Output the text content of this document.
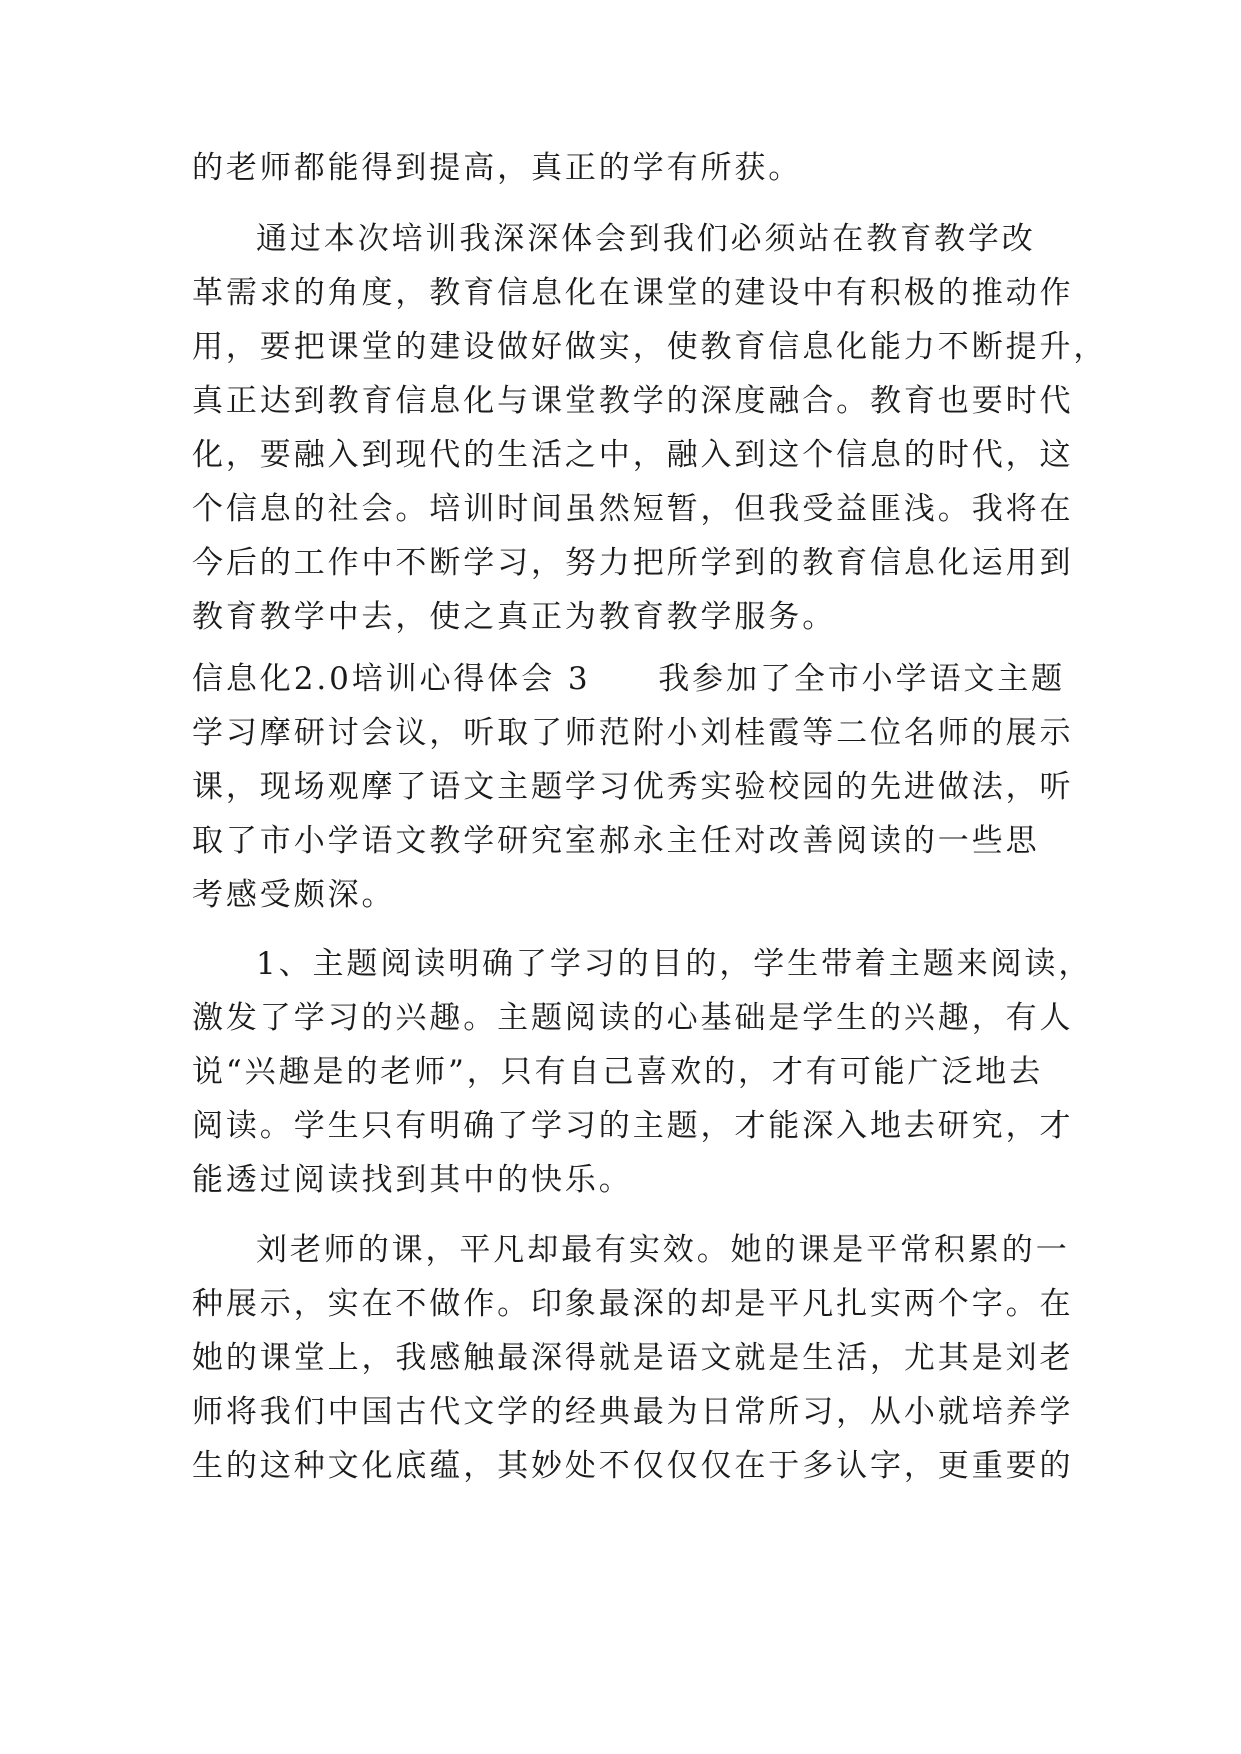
的老师都能得到提高，真正的学有所获。
通过本次培训我深深体会到我们必须站在教育教学改
革需求的角度，教育信息化在课堂的建设中有积极的推动作
用，要把课堂的建设做好做实，使教育信息化能力不断提升，
真正达到教育信息化与课堂教学的深度融合。教育也要时代
化，要融入到现代的生活之中，融入到这个信息的时代，这
个信息的社会。培训时间虽然短暂，但我受益匪浅。我将在
今后的工作中不断学习，努力把所学到的教育信息化运用到
教育教学中去，使之真正为教育教学服务。
信息化2.0培训心得体会 3　　我参加了全市小学语文主题
学习摩研讨会议，听取了师范附小刘桂霞等二位名师的展示
课，现场观摩了语文主题学习优秀实验校园的先进做法，听
取了市小学语文教学研究室郝永主任对改善阅读的一些思
考感受颇深。
1、主题阅读明确了学习的目的，学生带着主题来阅读，
激发了学习的兴趣。主题阅读的心基础是学生的兴趣，有人
说“兴趣是的老师”，只有自己喜欢的，才有可能广泛地去
阅读。学生只有明确了学习的主题，才能深入地去研究，才
能透过阅读找到其中的快乐。
刘老师的课，平凡却最有实效。她的课是平常积累的一
种展示，实在不做作。印象最深的却是平凡扎实两个字。在
她的课堂上，我感触最深得就是语文就是生活，尤其是刘老
师将我们中国古代文学的经典最为日常所习，从小就培养学
生的这种文化底蕴，其妙处不仅仅仅在于多认字，更重要的
